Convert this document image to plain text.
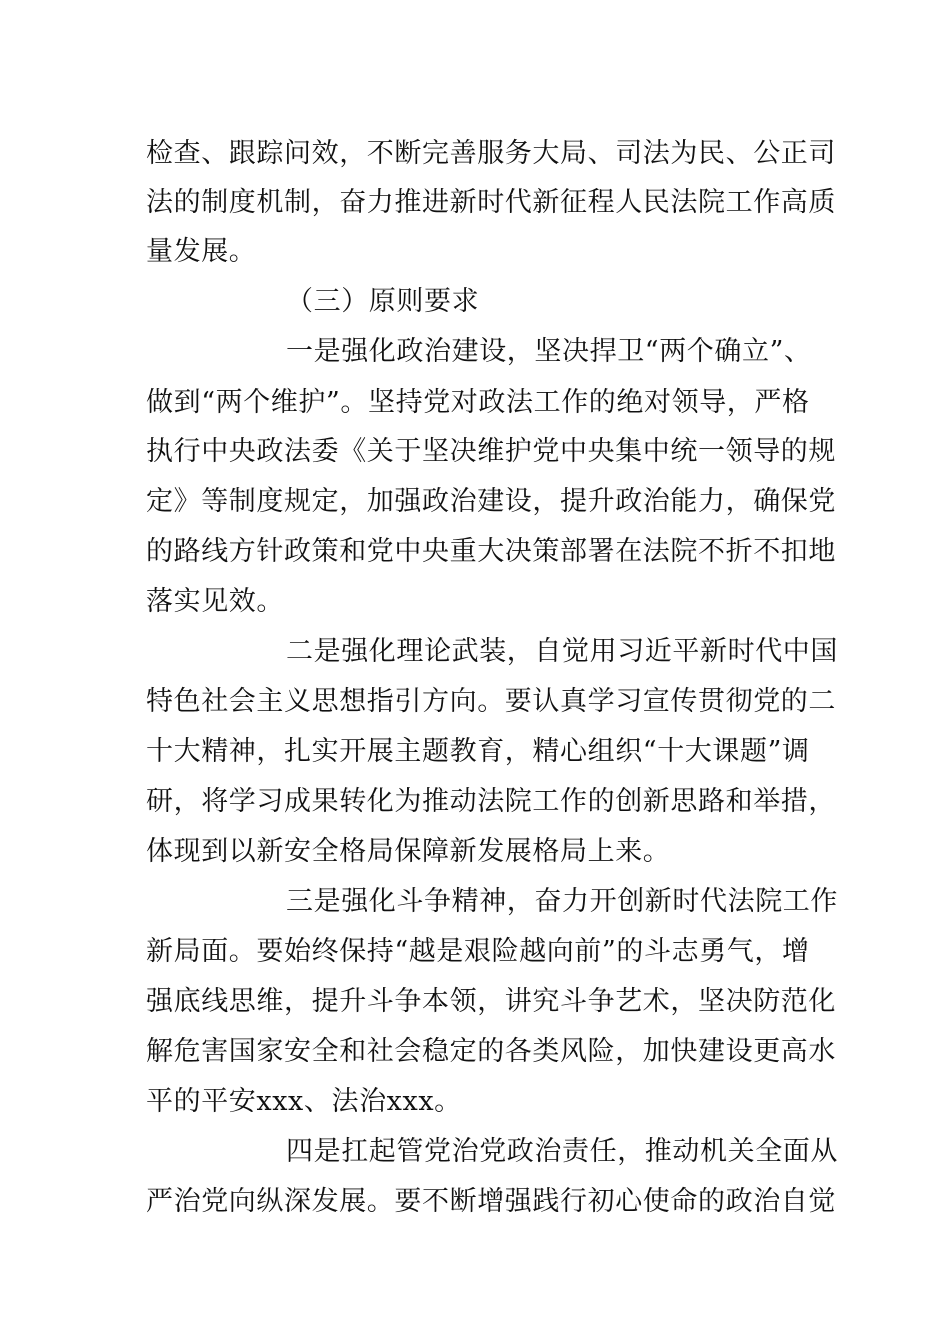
检查、跟踪问效，不断完善服务大局、司法为民、公正司
法的制度机制，奋力推进新时代新征程人民法院工作高质
量发展。
（三）原则要求
一是强化政治建设，坚决捍卫“两个确立”、
做到“两个维护”。坚持党对政法工作的绝对领导，严格
执行中央政法委《关于坚决维护党中央集中统一领导的规
定》等制度规定，加强政治建设，提升政治能力，确保党
的路线方针政策和党中央重大决策部署在法院不折不扣地
落实见效。
二是强化理论武装，自觉用习近平新时代中国
特色社会主义思想指引方向。要认真学习宣传贯彻党的二
十大精神，扎实开展主题教育，精心组织“十大课题”调
研，将学习成果转化为推动法院工作的创新思路和举措，
体现到以新安全格局保障新发展格局上来。
三是强化斗争精神，奋力开创新时代法院工作
新局面。要始终保持“越是艰险越向前”的斗志勇气，增
强底线思维，提升斗争本领，讲究斗争艺术，坚决防范化
解危害国家安全和社会稳定的各类风险，加快建设更高水
平的平安xxx、法治xxx。
四是扛起管党治党政治责任，推动机关全面从
严治党向纵深发展。要不断增强践行初心使命的政治自觉
